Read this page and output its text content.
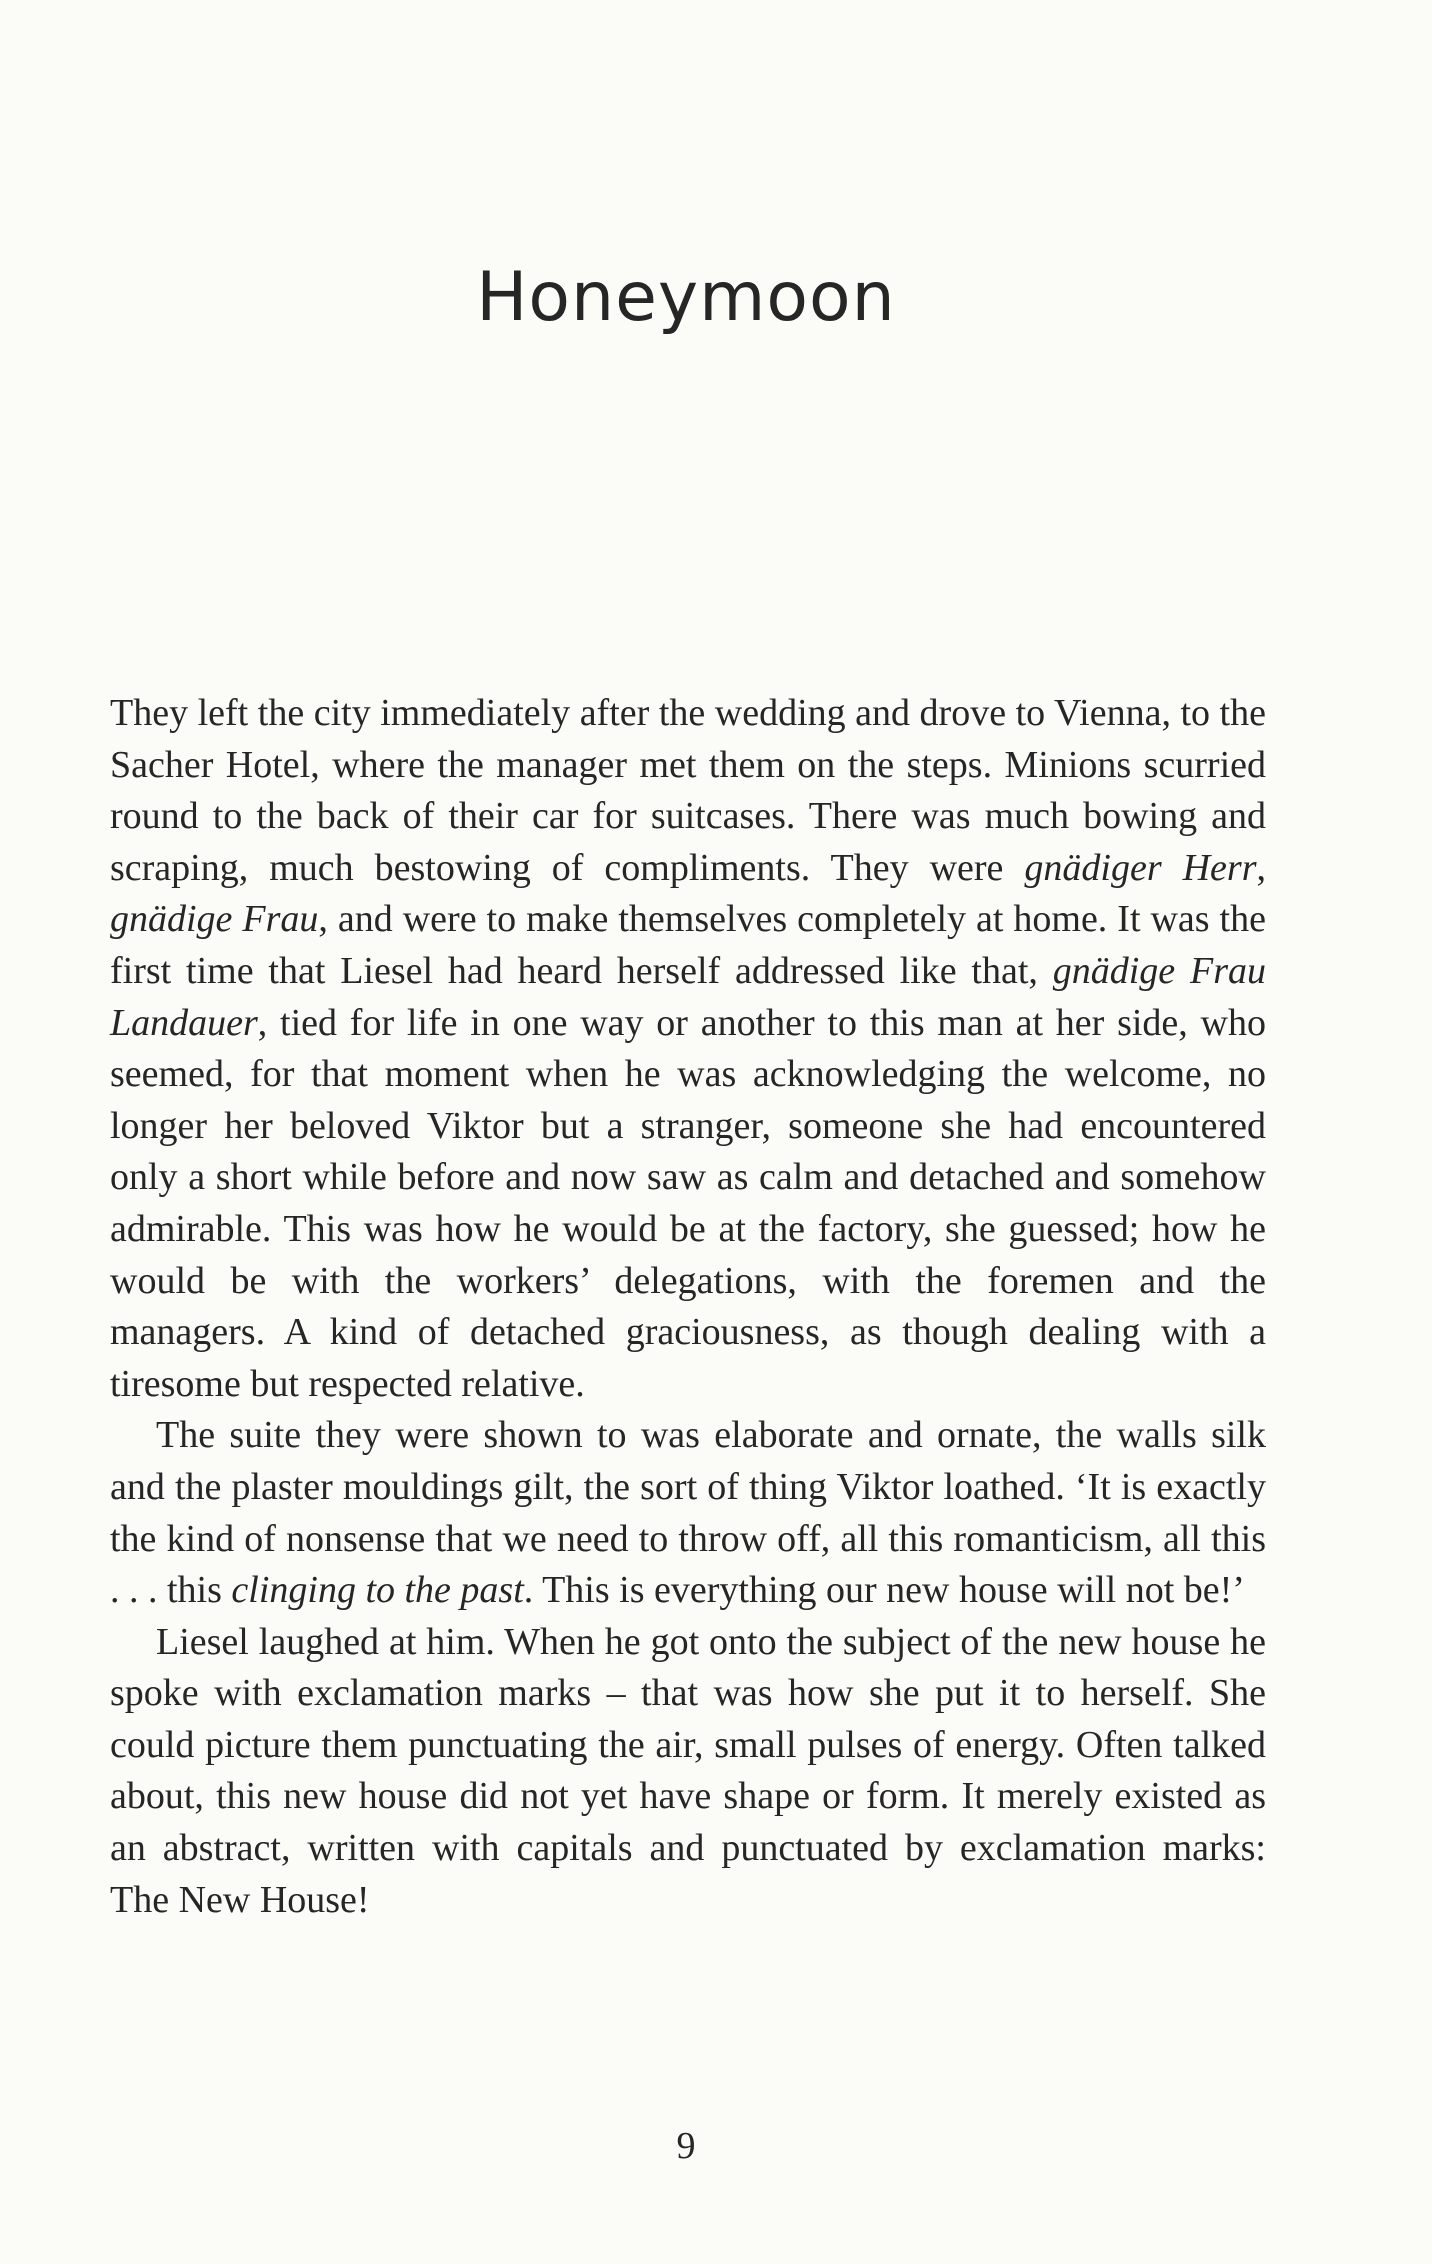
Honeymoon

They left the city immediately after the wedding and drove to Vienna, to the Sacher Hotel, where the manager met them on the steps. Minions scurried round to the back of their car for suitcases. There was much bowing and scraping, much bestowing of compliments. They were gnädiger Herr, gnädige Frau, and were to make themselves completely at home. It was the first time that Liesel had heard herself addressed like that, gnädige Frau Landauer, tied for life in one way or another to this man at her side, who seemed, for that moment when he was acknowledging the welcome, no longer her beloved Viktor but a stranger, someone she had encountered only a short while before and now saw as calm and detached and somehow admirable. This was how he would be at the factory, she guessed; how he would be with the workers’ delegations, with the foremen and the managers. A kind of detached graciousness, as though dealing with a tiresome but respected relative.

The suite they were shown to was elaborate and ornate, the walls silk and the plaster mouldings gilt, the sort of thing Viktor loathed. ‘It is exactly the kind of nonsense that we need to throw off, all this romanticism, all this . . . this clinging to the past. This is everything our new house will not be!’

Liesel laughed at him. When he got onto the subject of the new house he spoke with exclamation marks – that was how she put it to herself. She could picture them punctuating the air, small pulses of energy. Often talked about, this new house did not yet have shape or form. It merely existed as an abstract, written with capitals and punctuated by exclamation marks: The New House!

9
